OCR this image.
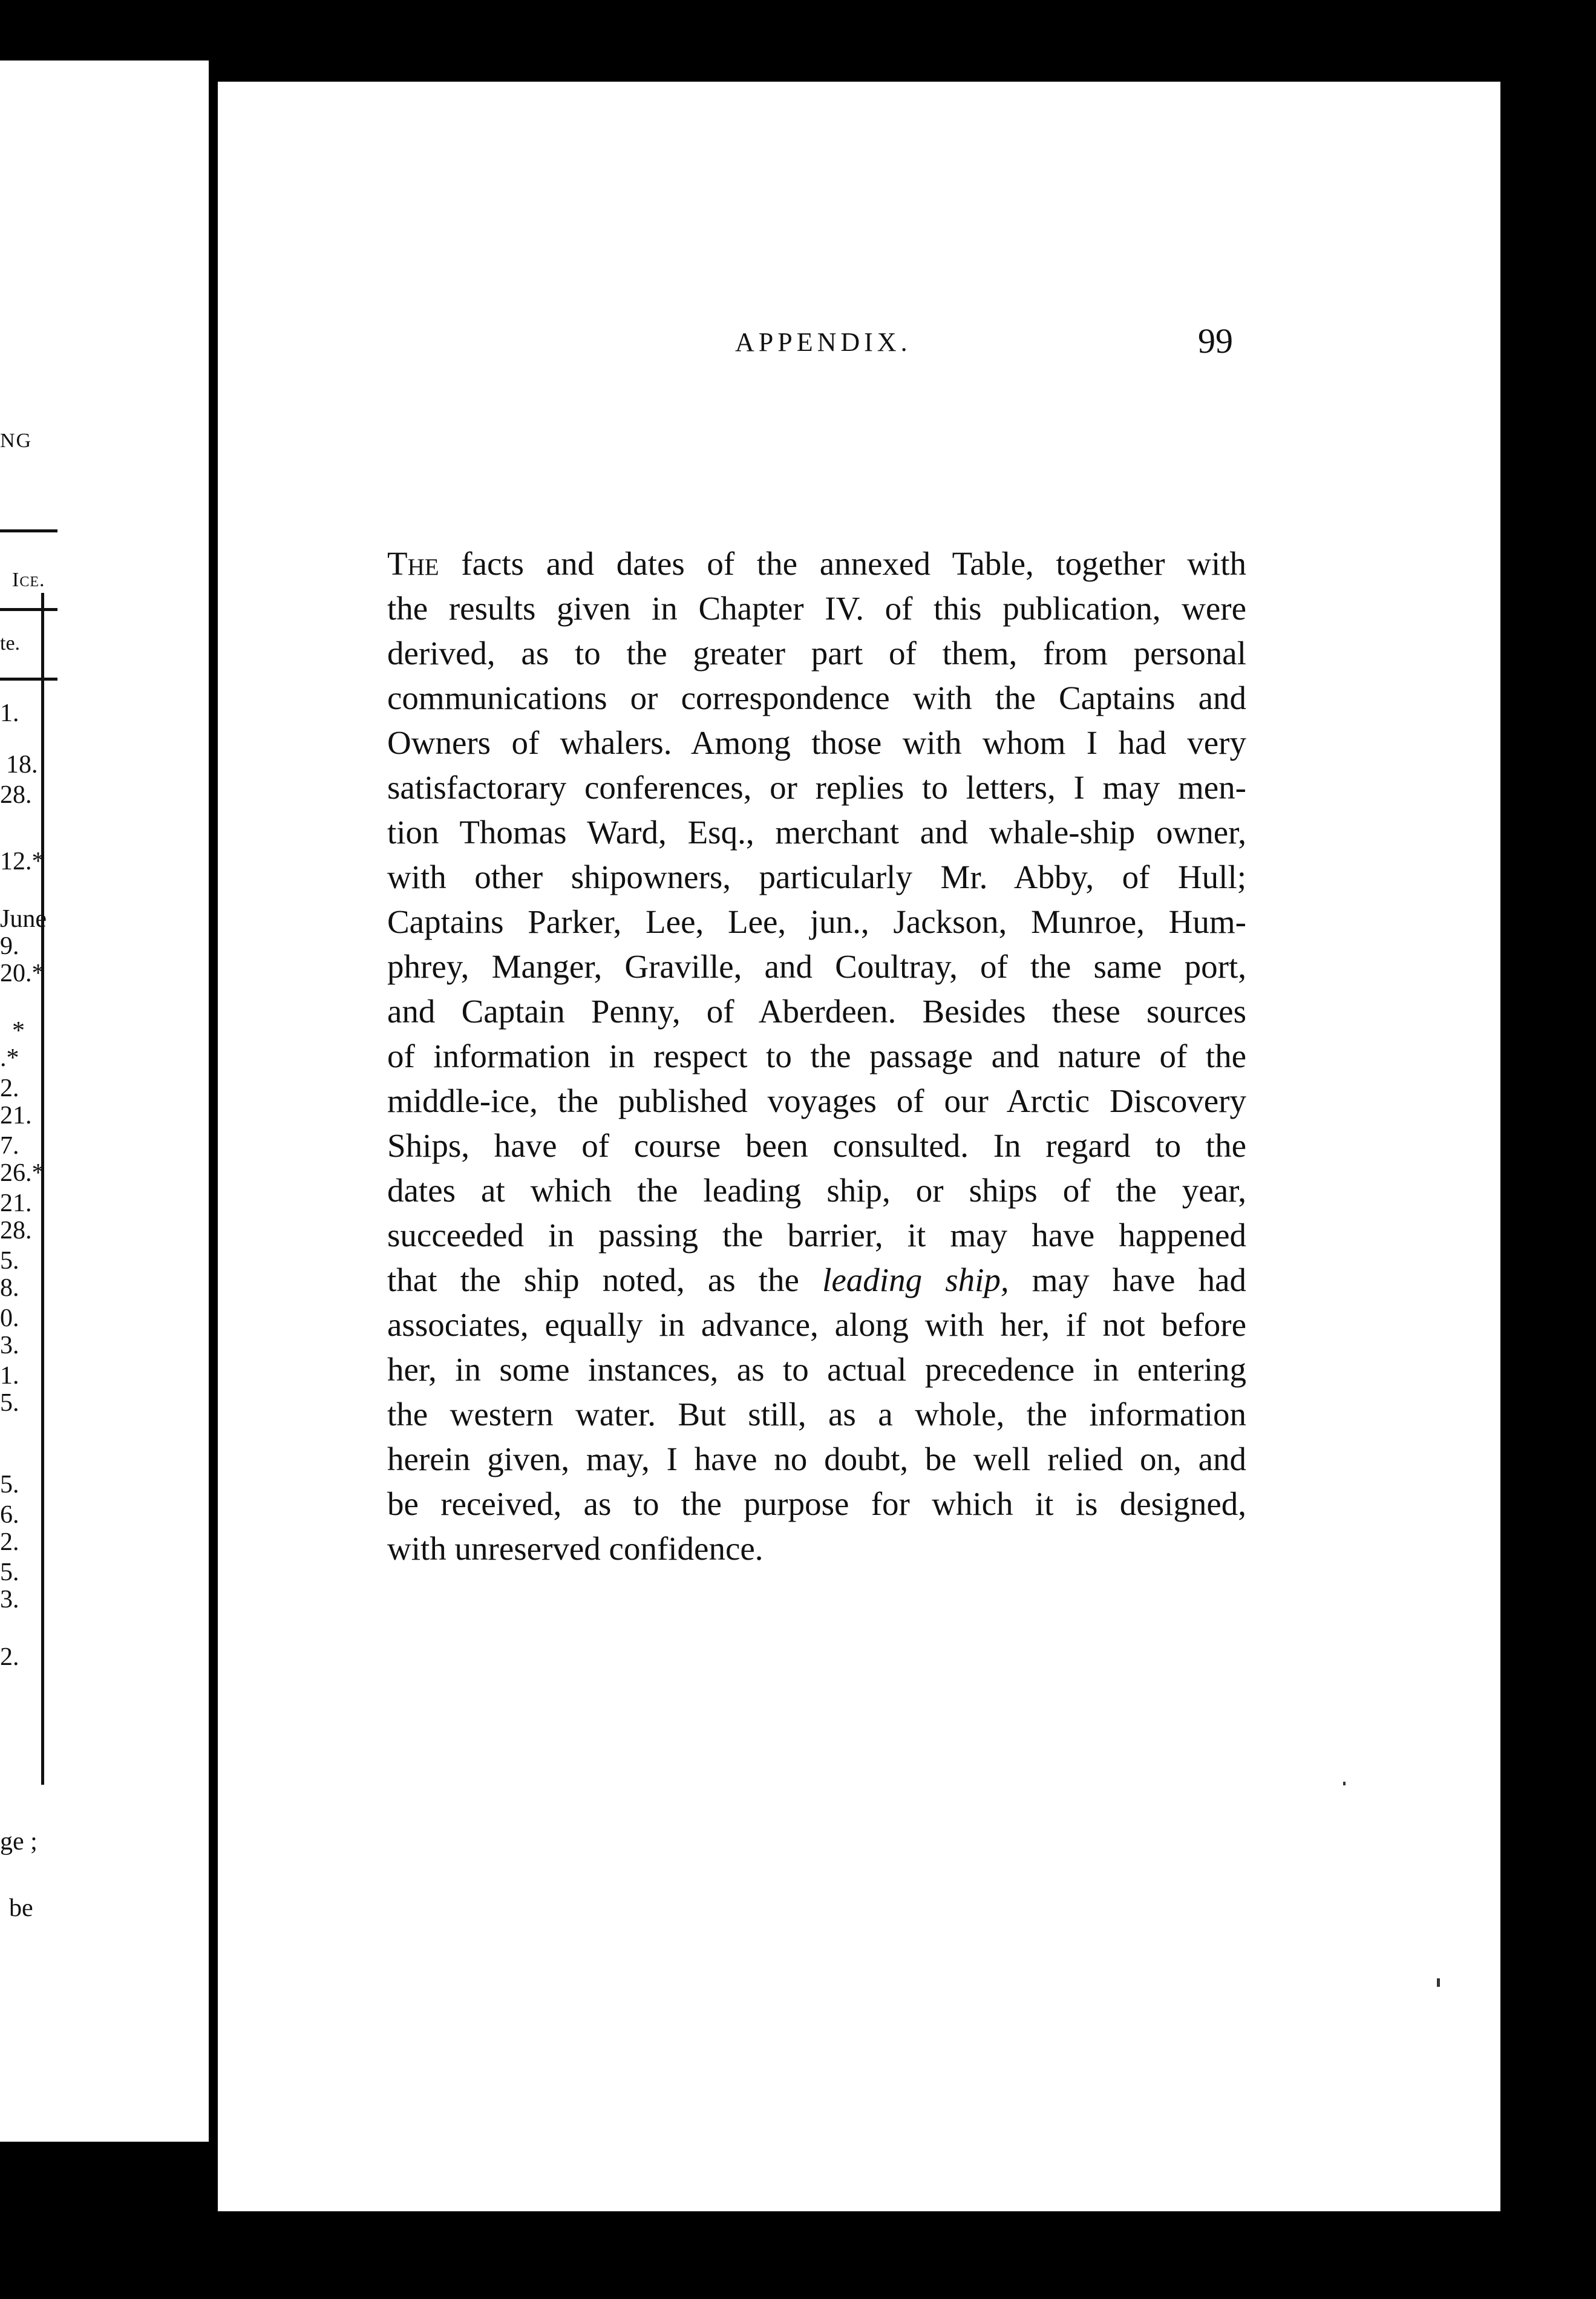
NG
Ice.
te.
1.
18.
28.
12.*
June
9.
20.*
*
.*
2.
21.
7.
26.*
21.
28.
5.
8.
0.
3.
1.
5.
5.
6.
2.
5.
3.
2.
ge ;
be
APPENDIX.	99
The facts and dates of the annexed Table, together with
the results given in Chapter IV. of this publication, were
derived, as to the greater part of them, from personal
communications or correspondence with the Captains and
Owners of whalers. Among those with whom I had very
satisfactorary conferences, or replies to letters, I may men-
tion Thomas Ward, Esq., merchant and whale-ship owner,
with other shipowners, particularly Mr. Abby, of Hull;
Captains Parker, Lee, Lee, jun., Jackson, Munroe, Hum-
phrey, Manger, Graville, and Coultray, of the same port,
and Captain Penny, of Aberdeen. Besides these sources
of information in respect to the passage and nature of the
middle-ice, the published voyages of our Arctic Discovery
Ships, have of course been consulted. In regard to the
dates at which the leading ship, or ships of the year,
succeeded in passing the barrier, it may have happened
that the ship noted, as the leading ship, may have had
associates, equally in advance, along with her, if not before
her, in some instances, as to actual precedence in entering
the western water. But still, as a whole, the information
herein given, may, I have no doubt, be well relied on, and
be received, as to the purpose for which it is designed,
with unreserved confidence.
